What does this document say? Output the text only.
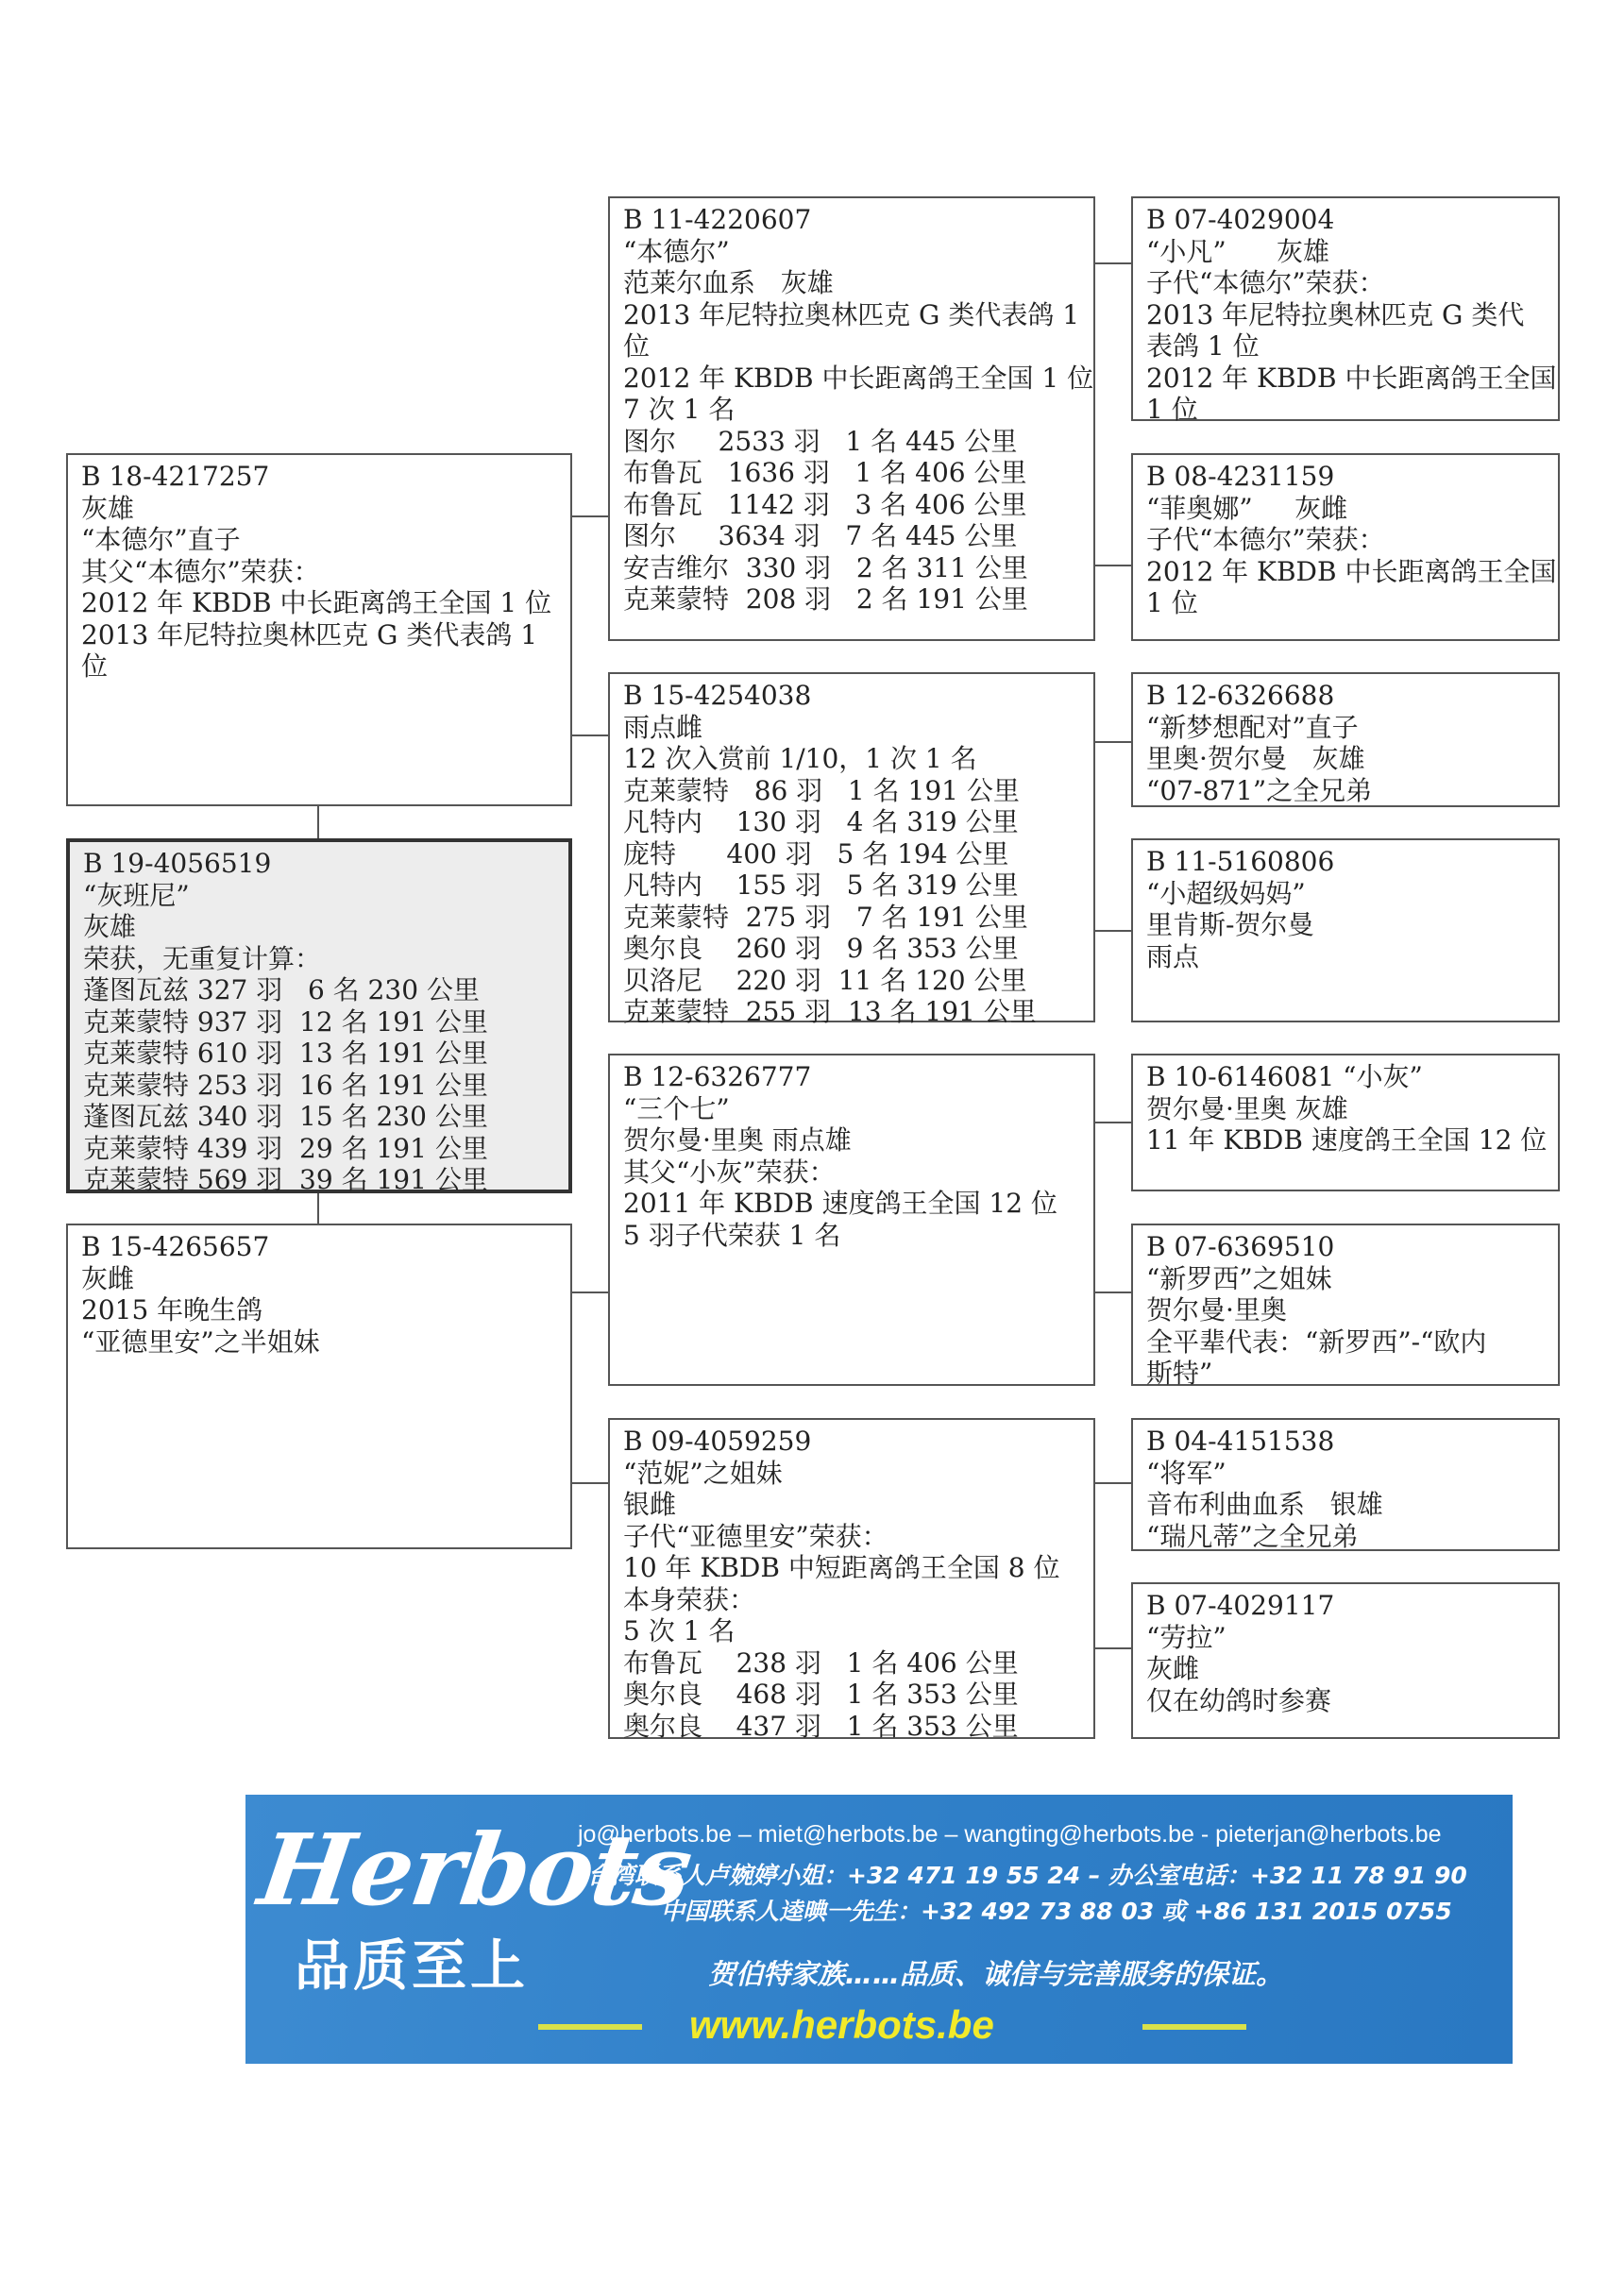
B 19-4056519
“灰班尼”
灰雄
荣获，无重复计算：
蓬图瓦兹 327 羽   6 名 230 公里
克莱蒙特 937 羽  12 名 191 公里
克莱蒙特 610 羽  13 名 191 公里
克莱蒙特 253 羽  16 名 191 公里
蓬图瓦兹 340 羽  15 名 230 公里
克莱蒙特 439 羽  29 名 191 公里
克莱蒙特 569 羽  39 名 191 公里
B 18-4217257
灰雄
“本德尔”直子
其父“本德尔”荣获：
2012 年 KBDB 中长距离鸽王全国 1 位
2013 年尼特拉奥林匹克 G 类代表鸽 1
位
B 15-4265657
灰雌
2015 年晚生鸽
“亚德里安”之半姐妹
B 11-4220607
“本德尔”
范莱尔血系   灰雄
2013 年尼特拉奥林匹克 G 类代表鸽 1
位
2012 年 KBDB 中长距离鸽王全国 1 位
7 次 1 名
图尔     2533 羽   1 名 445 公里
布鲁瓦   1636 羽   1 名 406 公里
布鲁瓦   1142 羽   3 名 406 公里
图尔     3634 羽   7 名 445 公里
安吉维尔  330 羽   2 名 311 公里
克莱蒙特  208 羽   2 名 191 公里
B 15-4254038
雨点雌
12 次入赏前 1/10，1 次 1 名
克莱蒙特   86 羽   1 名 191 公里
凡特内    130 羽   4 名 319 公里
庞特      400 羽   5 名 194 公里
凡特内    155 羽   5 名 319 公里
克莱蒙特  275 羽   7 名 191 公里
奥尔良    260 羽   9 名 353 公里
贝洛尼    220 羽  11 名 120 公里
克莱蒙特  255 羽  13 名 191 公里
B 12-6326777
“三个七”
贺尔曼·里奥 雨点雄
其父“小灰”荣获：
2011 年 KBDB 速度鸽王全国 12 位
5 羽子代荣获 1 名
B 09-4059259
“范妮”之姐妹
银雌
子代“亚德里安”荣获：
10 年 KBDB 中短距离鸽王全国 8 位
本身荣获：
5 次 1 名
布鲁瓦    238 羽   1 名 406 公里
奥尔良    468 羽   1 名 353 公里
奥尔良    437 羽   1 名 353 公里
B 07-4029004
“小凡”      灰雄
子代“本德尔”荣获：
2013 年尼特拉奥林匹克 G 类代
表鸽 1 位
2012 年 KBDB 中长距离鸽王全国
1 位
B 08-4231159
“菲奥娜”     灰雌
子代“本德尔”荣获：
2012 年 KBDB 中长距离鸽王全国
1 位
B 12-6326688
“新梦想配对”直子
里奥·贺尔曼   灰雄
“07-871”之全兄弟
B 11-5160806
“小超级妈妈”
里肯斯-贺尔曼
雨点
B 10-6146081 “小灰”
贺尔曼·里奥 灰雄
11 年 KBDB 速度鸽王全国 12 位
B 07-6369510
“新罗西”之姐妹
贺尔曼·里奥
全平辈代表：“新罗西”-“欧内
斯特”
B 04-4151538
“将军”
音布利曲血系   银雄
“瑞凡蒂”之全兄弟
B 07-4029117
“劳拉”
灰雌
仅在幼鸽时参赛
Herbots
品质至上
jo@herbots.be – miet@herbots.be – wangting@herbots.be - pieterjan@herbots.be
台湾联系人卢婉婷小姐：+32 471 19 55 24 – 办公室电话：+32 11 78 91 90
中国联系人逵晪一先生：+32 492 73 88 03 或 +86 131 2015 0755
贺伯特家族……品质、诚信与完善服务的保证。
www.herbots.be
